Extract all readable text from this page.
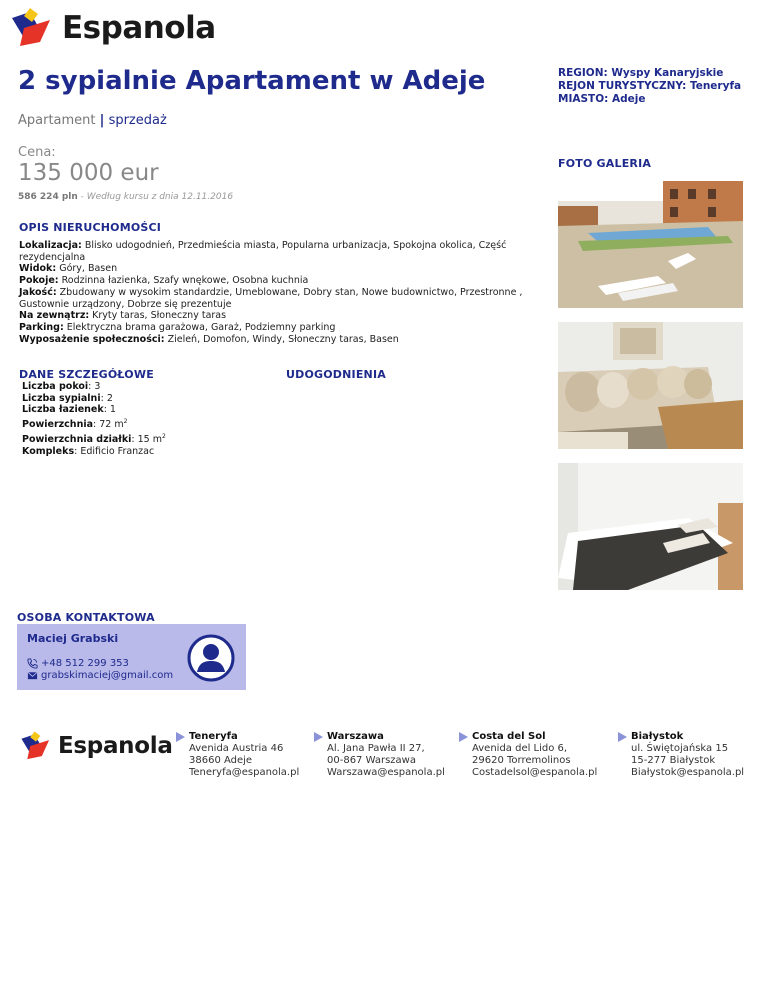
Espanola
2 sypialnie Apartament w Adeje
Apartament | sprzedaż
Cena:
135 000 eur
586 224 pln - Według kursu z dnia 12.11.2016
REGION: Wyspy Kanaryjskie
REJON TURYSTYCZNY: Teneryfa
MIASTO: Adeje
FOTO GALERIA
OPIS NIERUCHOMOŚCI
Lokalizacja: Blisko udogodnień, Przedmieścia miasta, Popularna urbanizacja, Spokojna okolica, Część rezydencjalna
Widok: Góry, Basen
Pokoje: Rodzinna łazienka, Szafy wnękowe, Osobna kuchnia
Jakość: Zbudowany w wysokim standardzie, Umeblowane, Dobry stan, Nowe budownictwo, Przestronne , Gustownie urządzony, Dobrze się prezentuje
Na zewnątrz: Kryty taras, Słoneczny taras
Parking: Elektryczna brama garażowa, Garaż, Podziemny parking
Wyposażenie społeczności: Zieleń, Domofon, Windy, Słoneczny taras, Basen
DANE SZCZEGÓŁOWE	UDOGODNIENIA
Liczba pokoi: 3
Liczba sypialni: 2
Liczba łazienek: 1
Powierzchnia: 72 $m^2$
Powierzchnia działki: 15 $m^2$
Kompleks: Edificio Franzac
OSOBA KONTAKTOWA
Maciej Grabski
+48 512 299 353
grabskimaciej@gmail.com
Espanola Teneryfa
Avenida Austria 46
38660 Adeje
Teneryfa@espanola.pl
Warszawa
Al. Jana Pawła II 27,
00-867 Warszawa
Warszawa@espanola.pl
Costa del Sol
Avenida del Lido 6,
29620 Torremolinos
Costadelsol@espanola.pl
Białystok
ul. Świętojańska 15
15-277 Białystok
Białystok@espanola.pl
